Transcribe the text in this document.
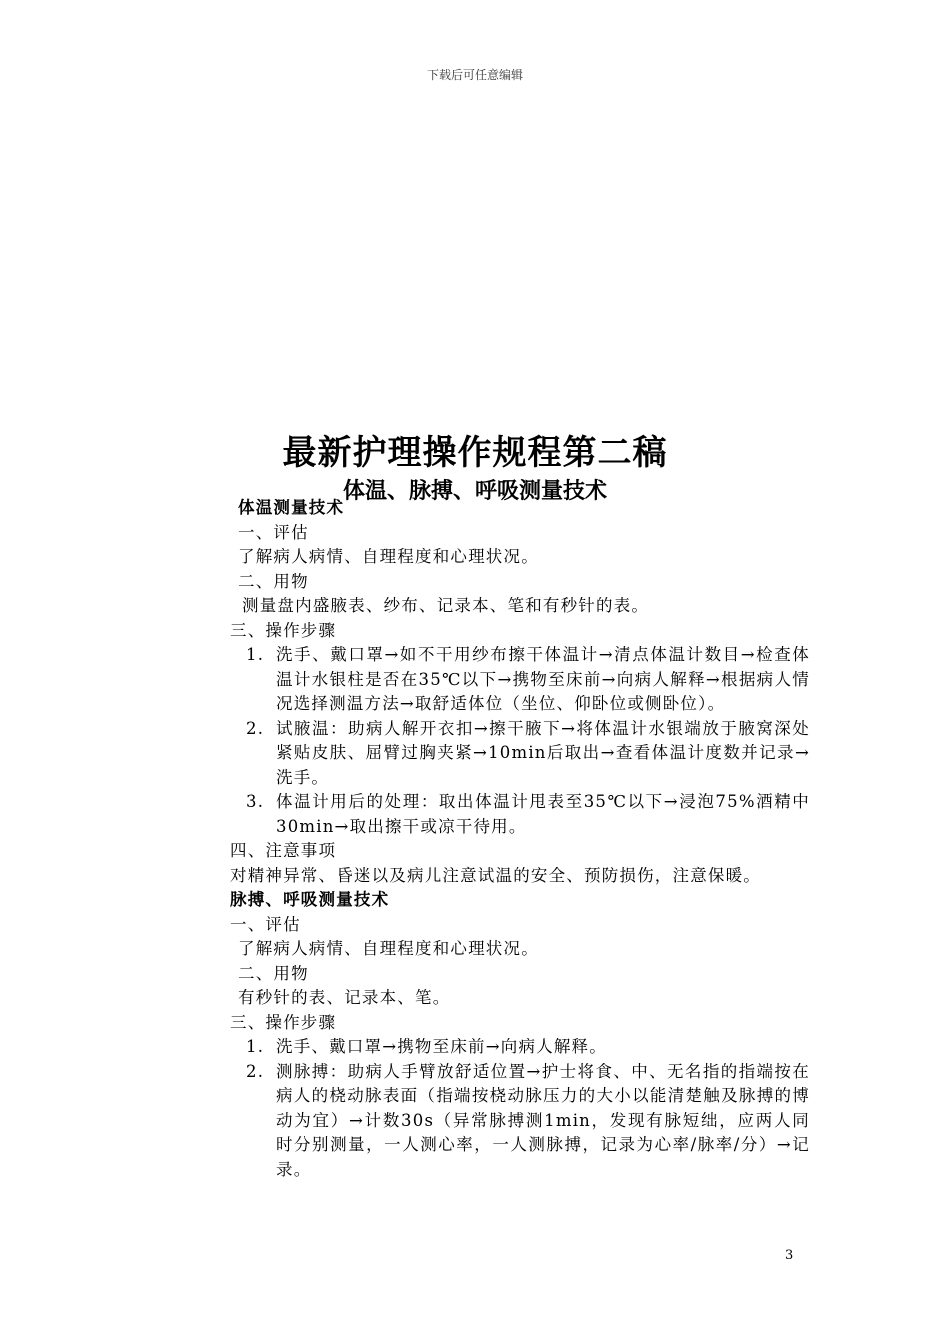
下载后可任意编辑
最新护理操作规程第二稿
体温、脉搏、呼吸测量技术
体温测量技术
一、评估
了解病人病情、自理程度和心理状况。
二、用物
测量盘内盛腋表、纱布、记录本、笔和有秒针的表。
三、操作步骤
1. 洗手、戴口罩→如不干用纱布擦干体温计→清点体温计数目→检查体温计水银柱是否在35℃以下→携物至床前→向病人解释→根据病人情况选择测温方法→取舒适体位（坐位、仰卧位或侧卧位）。
2. 试腋温：助病人解开衣扣→擦干腋下→将体温计水银端放于腋窝深处紧贴皮肤、屈臂过胸夹紧→10min后取出→查看体温计度数并记录→洗手。
3. 体温计用后的处理：取出体温计甩表至35℃以下→浸泡75%酒精中30min→取出擦干或凉干待用。
四、注意事项
对精神异常、昏迷以及病儿注意试温的安全、预防损伤，注意保暖。
脉搏、呼吸测量技术
一、评估
了解病人病情、自理程度和心理状况。
二、用物
有秒针的表、记录本、笔。
三、操作步骤
1. 洗手、戴口罩→携物至床前→向病人解释。
2. 测脉搏：助病人手臂放舒适位置→护士将食、中、无名指的指端按在病人的桡动脉表面（指端按桡动脉压力的大小以能清楚触及脉搏的博动为宜）→计数30s（异常脉搏测1min，发现有脉短绌，应两人同时分别测量，一人测心率，一人测脉搏，记录为心率/脉率/分）→记录。
3
